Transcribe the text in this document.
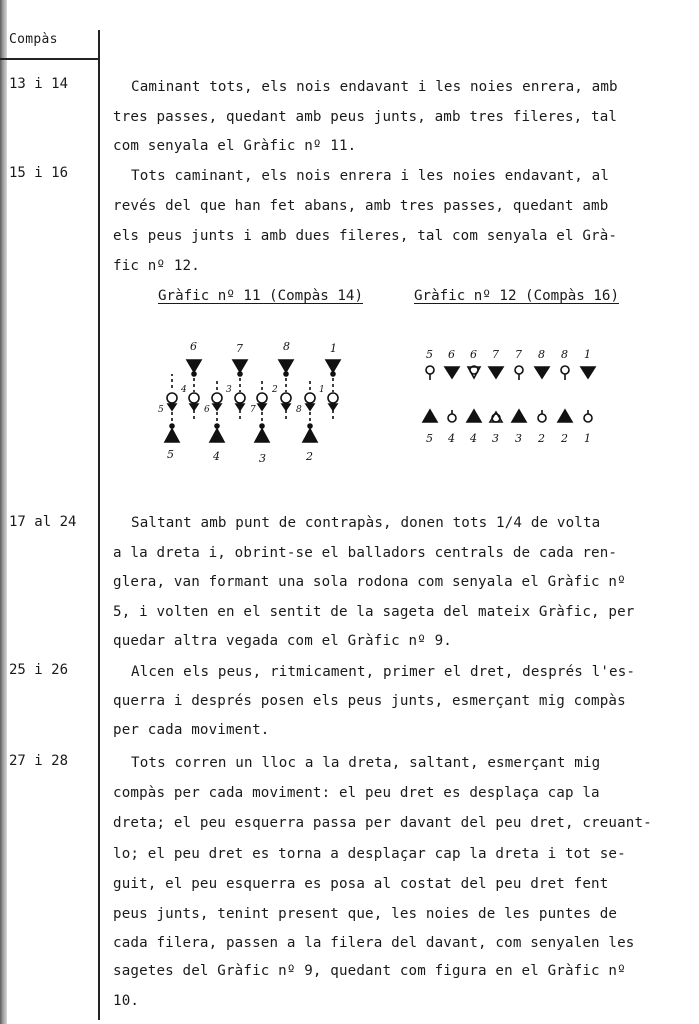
Compàs
13 i 14	Caminant tots, els nois endavant i les noies enrera, amb
tres passes, quedant amb peus junts, amb tres fileres, tal
com senyala el Gràfic nº 11.
15 i 16	Tots caminant, els nois enrera i les noies endavant, al
revés del que han fet abans, amb tres passes, quedant amb
els peus junts i amb dues fileres, tal com senyala el Grà-
fic nº 12.
Gràfic nº 11 (Compàs 14)	Gràfic nº 12 (Compàs 16)
6	7	8	1
4	3	2	1
5	6	7	8
5	4	3	2
5 6 6 7 7 8 8 1
5 4 4 3 3 2 2 1
17 al 24	Saltant amb punt de contrapàs, donen tots 1/4 de volta
a la dreta i, obrint-se el balladors centrals de cada ren-
glera, van formant una sola rodona com senyala el Gràfic nº
5, i volten en el sentit de la sageta del mateix Gràfic, per
quedar altra vegada com el Gràfic nº 9.
25 i 26	Alcen els peus, ritmicament, primer el dret, després l'es-
querra i després posen els peus junts, esmerçant mig compàs
per cada moviment.
27 i 28	Tots corren un lloc a la dreta, saltant, esmerçant mig
compàs per cada moviment: el peu dret es desplaça cap la
dreta; el peu esquerra passa per davant del peu dret, creuant-
lo; el peu dret es torna a desplaçar cap la dreta i tot se-
guit, el peu esquerra es posa al costat del peu dret fent
peus junts, tenint present que, les noies de les puntes de
cada filera, passen a la filera del davant, com senyalen les
sagetes del Gràfic nº 9, quedant com figura en el Gràfic nº
10.
